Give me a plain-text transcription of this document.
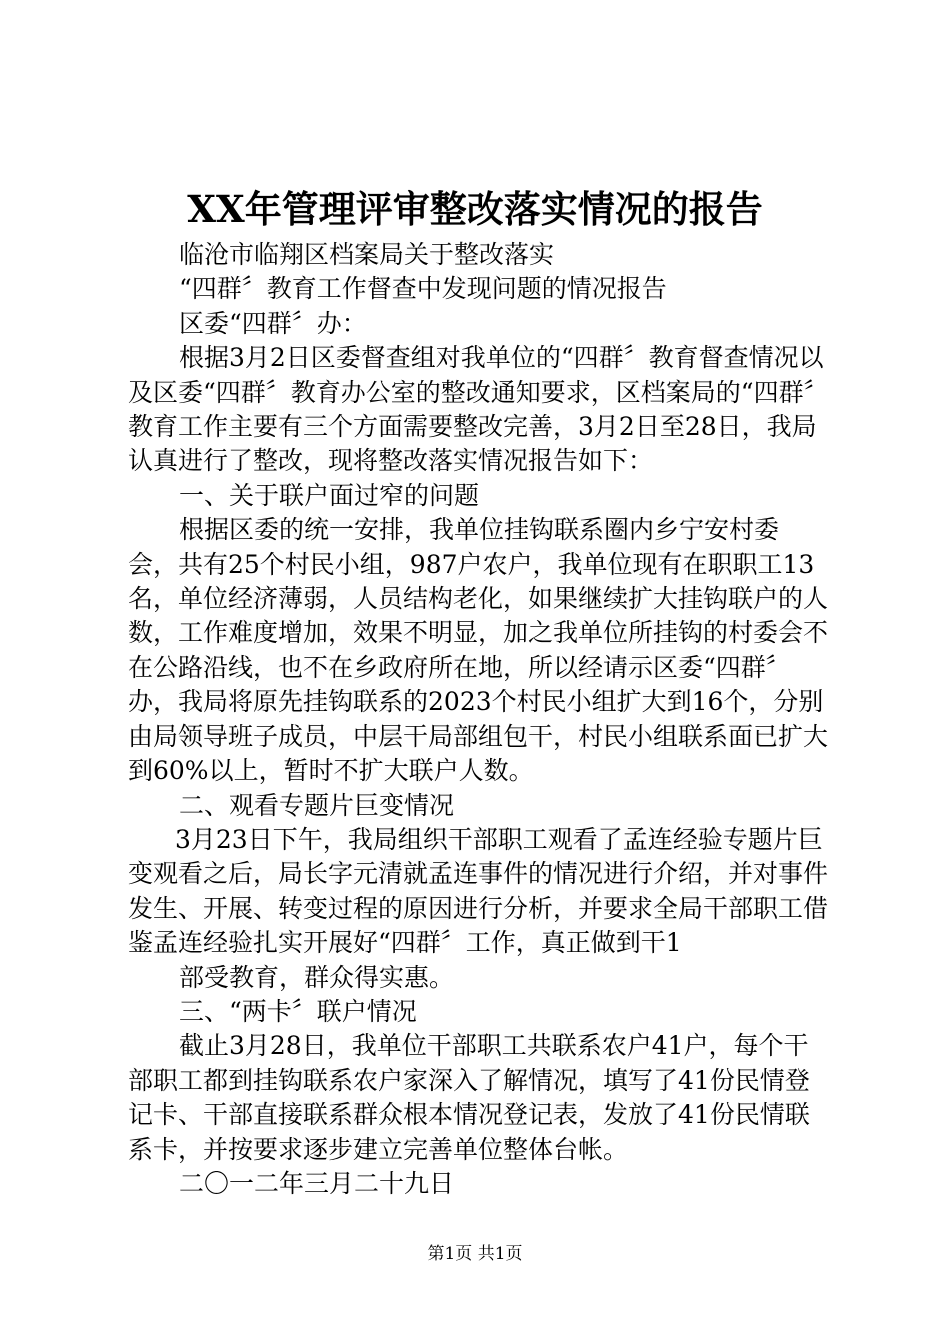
XX年管理评审整改落实情况的报告

临沧市临翔区档案局关于整改落实

“四群〞教育工作督查中发现问题的情况报告

区委“四群〞办：

根据3月2日区委督查组对我单位的“四群〞教育督查情况以及区委“四群〞教育办公室的整改通知要求，区档案局的“四群〞教育工作主要有三个方面需要整改完善，3月2日至28日，我局认真进行了整改，现将整改落实情况报告如下：

一、关于联户面过窄的问题

根据区委的统一安排，我单位挂钩联系圈内乡宁安村委会，共有25个村民小组，987户农户，我单位现有在职职工13名，单位经济薄弱，人员结构老化，如果继续扩大挂钩联户的人数，工作难度增加，效果不明显，加之我单位所挂钩的村委会不在公路沿线，也不在乡政府所在地，所以经请示区委“四群〞办，我局将原先挂钩联系的2023个村民小组扩大到16个，分别由局领导班子成员，中层干局部组包干，村民小组联系面已扩大到60%以上，暂时不扩大联户人数。

二、观看专题片巨变情况

3月23日下午，我局组织干部职工观看了孟连经验专题片巨变观看之后，局长字元清就孟连事件的情况进行介绍，并对事件发生、开展、转变过程的原因进行分析，并要求全局干部职工借鉴孟连经验扎实开展好“四群〞工作，真正做到干1

部受教育，群众得实惠。

三、“两卡〞联户情况

截止3月28日，我单位干部职工共联系农户41户，每个干部职工都到挂钩联系农户家深入了解情况，填写了41份民情登记卡、干部直接联系群众根本情况登记表，发放了41份民情联系卡，并按要求逐步建立完善单位整体台帐。

二〇一二年三月二十九日

第1页 共1页
